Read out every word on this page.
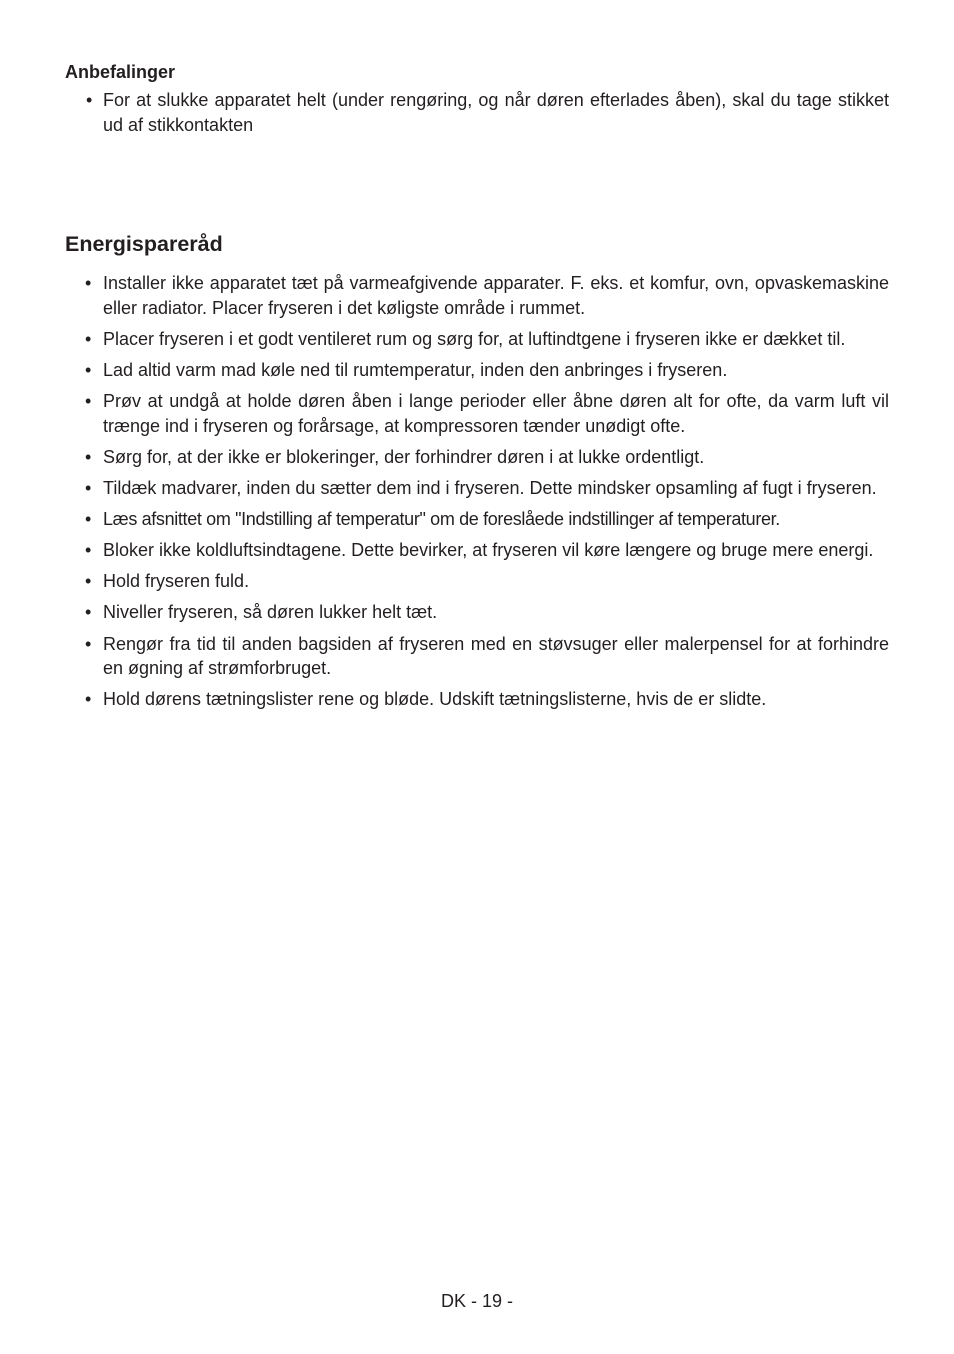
Anbefalinger
• For at slukke apparatet helt (under rengøring, og når døren efterlades åben), skal du tage stikket ud af stikkontakten
Energispareråd
• Installer ikke apparatet tæt på varmeafgivende apparater. F. eks. et komfur, ovn, opvaskemaskine eller radiator. Placer fryseren i det køligste område i rummet.
• Placer fryseren i et godt ventileret rum og sørg for, at luftindtgene i fryseren ikke er dækket til.
• Lad altid varm mad køle ned til rumtemperatur, inden den anbringes i fryseren.
• Prøv at undgå at holde døren åben i lange perioder eller åbne døren alt for ofte, da varm luft vil trænge ind i fryseren og forårsage, at kompressoren tænder unødigt ofte.
• Sørg for, at der ikke er blokeringer, der forhindrer døren i at lukke ordentligt.
• Tildæk madvarer, inden du sætter dem ind i fryseren. Dette mindsker opsamling af fugt i fryseren.
• Læs afsnittet om "Indstilling af temperatur" om de foreslåede indstillinger af temperaturer.
• Bloker ikke koldluftsindtagene. Dette bevirker, at fryseren vil køre længere og bruge mere energi.
• Hold fryseren fuld.
• Niveller fryseren, så døren lukker helt tæt.
• Rengør fra tid til anden bagsiden af fryseren med en støvsuger eller malerpensel for at forhindre en øgning af strømforbruget.
• Hold dørens tætningslister rene og bløde. Udskift tætningslisterne, hvis de er slidte.
DK - 19 -
